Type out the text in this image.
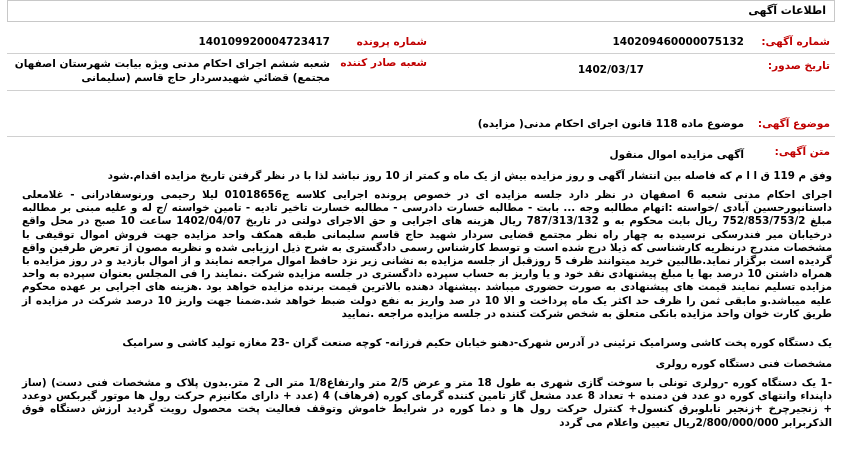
اطلاعات آگهی
شماره آگهی:
140209460000075132
شماره پرونده
140109920004723417
تاریخ صدور:
1402/03/17
شعبه صادر کننده
شعبه ششم اجرای احکام مدنی ویژه بیابت شهرستان اصفهان مجتمع) قضائي شهيدسردار حاج قاسم (سلیمانی
موضوع آگهی:
موضوع ماده 118 قانون اجرای احکام مدنی( مزایده)
متن آگهی:
آگهی مزایده اموال منقول
وفق م 119 ق ا ا م که فاصله بین انتشار آگهی و روز مزایده بیش از یک ماه و کمتر از 10 روز نباشد لذا با در نظر گرفتن تاریخ مزایده اقدام.شود
اجرای احکام مدنی شعبه 6 اصفهان در نظر دارد جلسه مزایده ای در خصوص پرونده اجرایی کلاسه ج01018656 لیلا رحیمی ورنوسفادرانی - غلامعلی داستانپورحسین آبادی /خواسته :اتهام مطالبه وجه ... بابت - مطالبه خسارت دادرسی - مطالبه خسارت تاخیر تادیه - تامین خواسته /ج له و علیه مبنی بر مطالبه مبلغ 752/853/753/2 ریال بابت محکوم به و 787/313/132 ریال هزینه های اجرایی و حق الاجرای دولتی در تاریخ 1402/04/07 ساعت 10 صبح در محل واقع درخیابان میر فندرسکی نرسیده به چهار راه نظر مجتمع قضایی سردار شهید حاج قاسم سلیمانی طبقه همکف واحد مزایده جهت فروش اموال توقیفی با مشخصات مندرج درنظریه کارشناسی که ذیلا درج شده است و توسط کارشناس رسمی دادگستری به شرح ذیل ارزیابی شده و نظریه مصون از تعرض طرفین واقع گردیده است برگزار نماید.طالبین خرید میتوانند ظرف 5 روزقبل از جلسه مزایده به نشانی زیر نزد حافظ اموال مراجعه نمایند و از اموال بازدید و در روز مزایده با همراه داشتن 10 درصد بها یا مبلغ پیشنهادی نقد خود و یا واریز به حساب سپرده دادگستری در جلسه مزایده شرکت .نمایند را فی المجلس بعنوان سپرده به واحد مزایده تسلیم نمایند قیمت های پیشنهادی به صورت حضوری میباشد .پیشنهاد دهنده بالاترین قیمت برنده مزایده خواهد بود .هزینه های اجرایی بر عهده محکوم علیه میباشد.و مابقی ثمن را ظرف حد اکثر یک ماه پرداخت و الا 10 در صد واریز به نفع دولت ضبط خواهد شد.ضمنا جهت واریز 10 درصد شرکت در مزایده از طریق کارت خوان واحد مزایده بانکی متعلق به شخص شرکت کننده در جلسه مزایده مراجعه .نمایید
یک دستگاه کوره پخت کاشی وسرامیک ترئینی در آدرس شهرک-دهنو خیابان حکیم فرزانه- کوچه صنعت گران -23 مغازه تولید کاشی و سرامیک
مشخصات فنی دستگاه کوره رولری
-1 یک دستگاه کوره -رولری تونلی با سوخت گازی شهری به طول 18 متر و عرض 2/5 متر وارتفاع1/8 متر الی 2 متر.بدون پلاک و مشخصات فنی دست) (ساز داپنداء وانتهای کوره دو عدد فن دمنده + تعداد 8 عدد مشعل گاز تامین کننده گرمای کوره (فرهاف) 4 (عدد + دارای مکانیزم حرکت رول ها موتور گیربکس دوعدد + زنجیرچرخ +زنجیر تابلوبرق کنسول+ کنترل حرکت رول ها و دما کوره در شرایط خاموش وتوقف فعالیت پخت محصول رویت گردید ارزش دستگاه فوق الذکربرابر 2/800/000/000ریال تعیین واعلام می گردد
